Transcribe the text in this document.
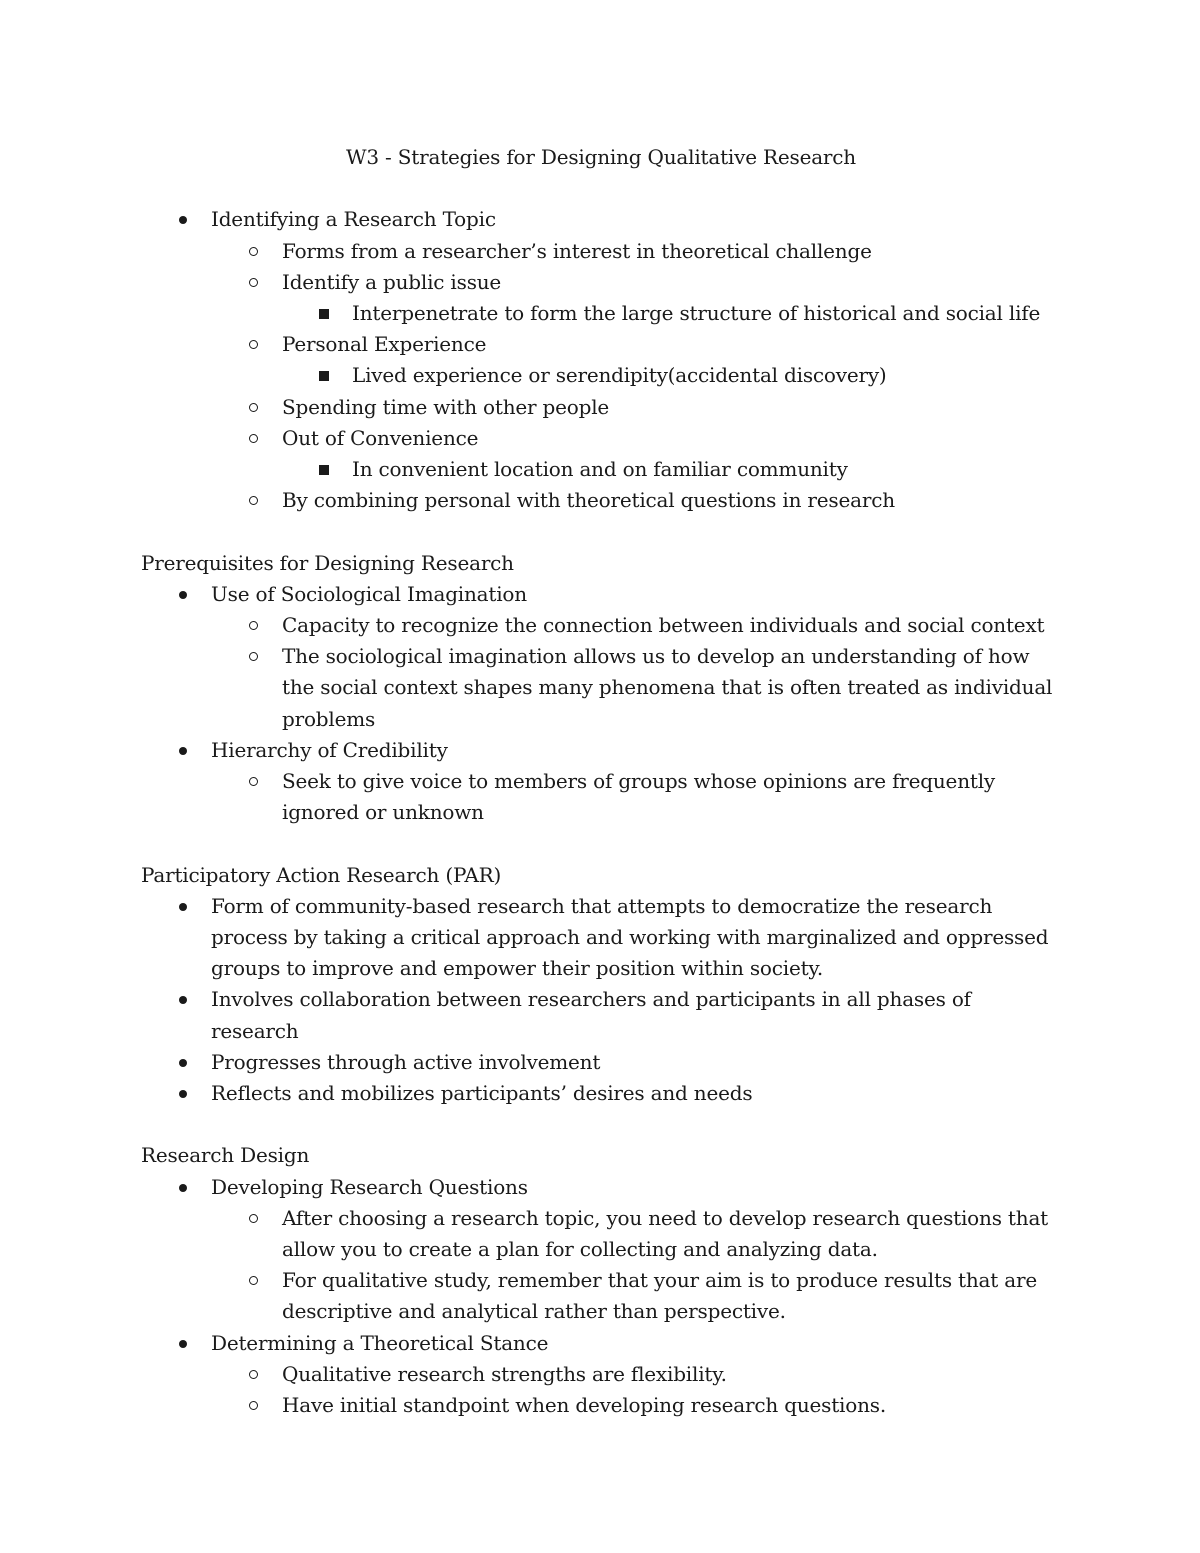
W3 - Strategies for Designing Qualitative Research
Identifying a Research Topic
Forms from a researcher’s interest in theoretical challenge
Identify a public issue
Interpenetrate to form the large structure of historical and social life
Personal Experience
Lived experience or serendipity(accidental discovery)
Spending time with other people
Out of Convenience
In convenient location and on familiar community
By combining personal with theoretical questions in research
Prerequisites for Designing Research
Use of Sociological Imagination
Capacity to recognize the connection between individuals and social context
The sociological imagination allows us to develop an understanding of how the social context shapes many phenomena that is often treated as individual problems
Hierarchy of Credibility
Seek to give voice to members of groups whose opinions are frequently ignored or unknown
Participatory Action Research (PAR)
Form of community-based research that attempts to democratize the research process by taking a critical approach and working with marginalized and oppressed groups to improve and empower their position within society.
Involves collaboration between researchers and participants in all phases of research
Progresses through active involvement
Reflects and mobilizes participants’ desires and needs
Research Design
Developing Research Questions
After choosing a research topic, you need to develop research questions that allow you to create a plan for collecting and analyzing data.
For qualitative study, remember that your aim is to produce results that are descriptive and analytical rather than perspective.
Determining a Theoretical Stance
Qualitative research strengths are flexibility.
Have initial standpoint when developing research questions.
